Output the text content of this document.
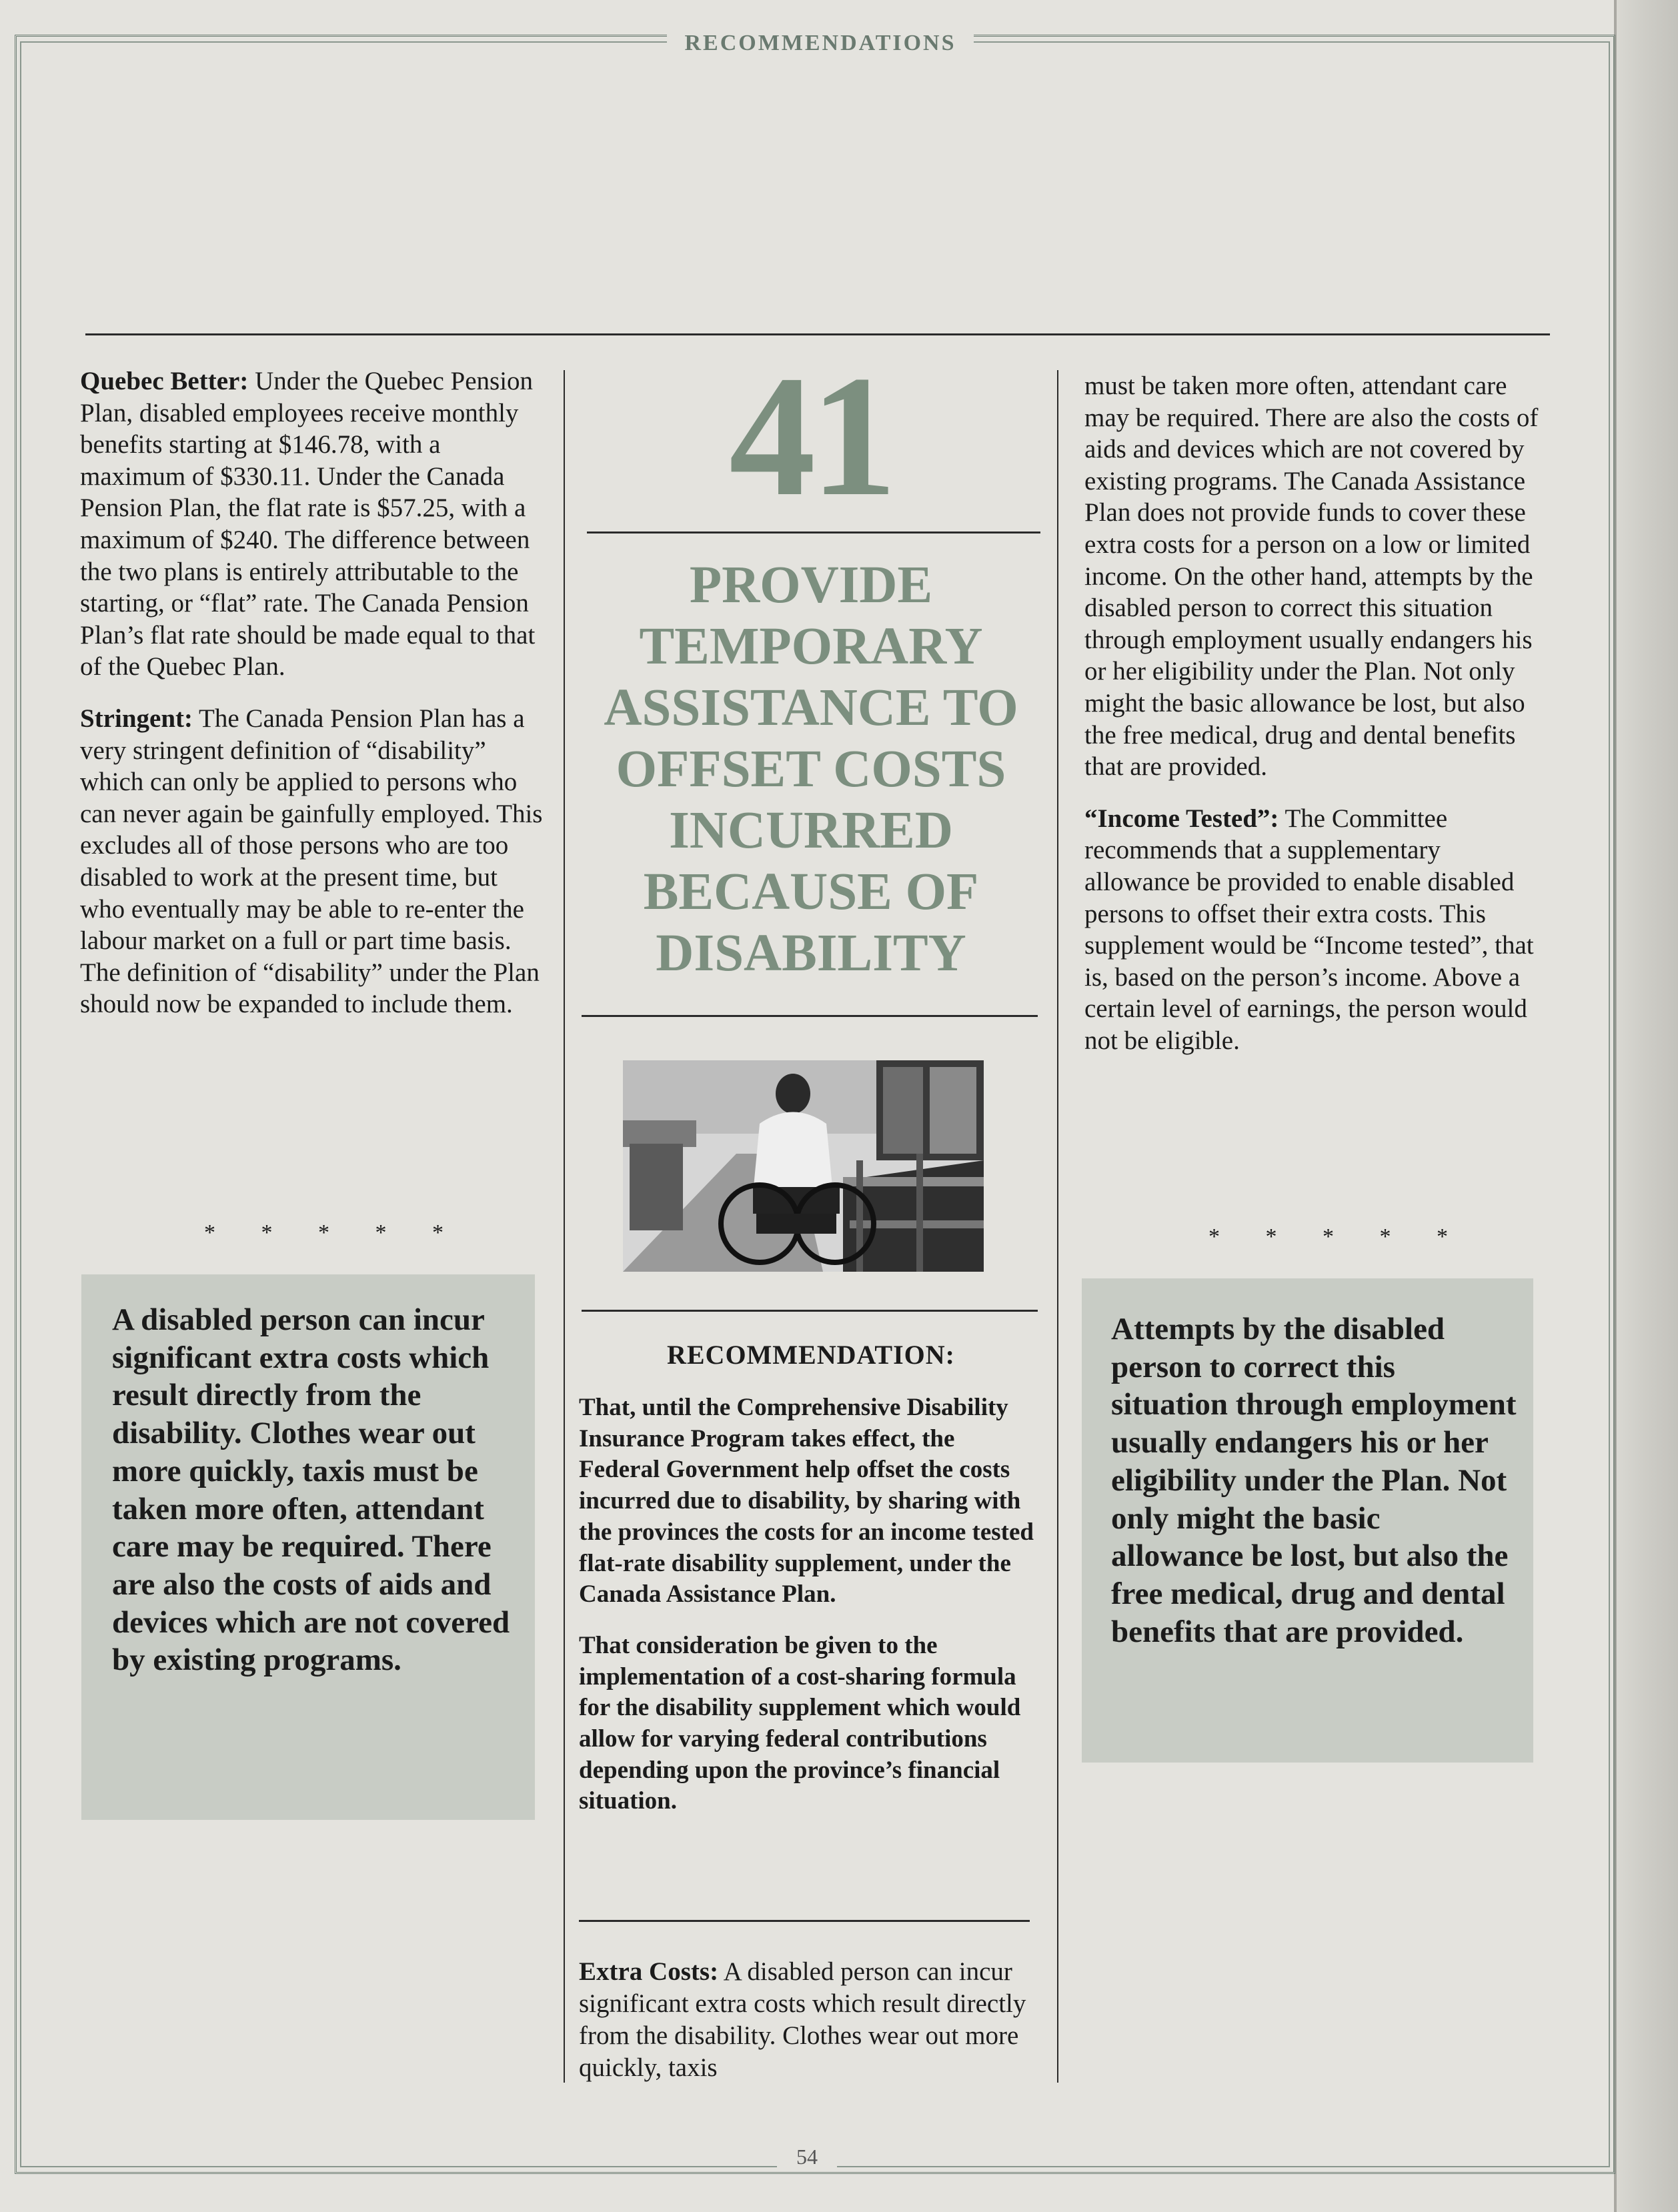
RECOMMENDATIONS

Quebec Better: Under the Quebec Pension Plan, disabled employees receive monthly benefits starting at $146.78, with a maximum of $330.11. Under the Canada Pension Plan, the flat rate is $57.25, with a maximum of $240. The difference between the two plans is entirely attributable to the starting, or “flat” rate. The Canada Pension Plan’s flat rate should be made equal to that of the Quebec Plan.

Stringent: The Canada Pension Plan has a very stringent definition of “disability” which can only be applied to persons who can never again be gainfully employed. This excludes all of those persons who are too disabled to work at the present time, but who eventually may be able to re-enter the labour market on a full or part time basis. The definition of “disability” under the Plan should now be expanded to include them.

* * * * *
A disabled person can incur significant extra costs which result directly from the disability. Clothes wear out more quickly, taxis must be taken more often, attendant care may be required. There are also the costs of aids and devices which are not covered by existing programs.
41
PROVIDE TEMPORARY ASSISTANCE TO OFFSET COSTS INCURRED BECAUSE OF DISABILITY
RECOMMENDATION:

That, until the Comprehensive Disability Insurance Program takes effect, the Federal Government help offset the costs incurred due to disability, by sharing with the provinces the costs for an income tested flat-rate disability supplement, under the Canada Assistance Plan.

That consideration be given to the implementation of a cost-sharing formula for the disability supplement which would allow for varying federal contributions depending upon the province’s financial situation.

Extra Costs: A disabled person can incur significant extra costs which result directly from the disability. Clothes wear out more quickly, taxis

must be taken more often, attendant care may be required. There are also the costs of aids and devices which are not covered by existing programs. The Canada Assistance Plan does not provide funds to cover these extra costs for a person on a low or limited income. On the other hand, attempts by the disabled person to correct this situation through employment usually endangers his or her eligibility under the Plan. Not only might the basic allowance be lost, but also the free medical, drug and dental benefits that are provided.

“Income Tested”: The Committee recommends that a supplementary allowance be provided to enable disabled persons to offset their extra costs. This supplement would be “Income tested”, that is, based on the person’s income. Above a certain level of earnings, the person would not be eligible.

* * * * *
Attempts by the disabled person to correct this situation through employment usually endangers his or her eligibility under the Plan. Not only might the basic allowance be lost, but also the free medical, drug and dental benefits that are provided.
54
